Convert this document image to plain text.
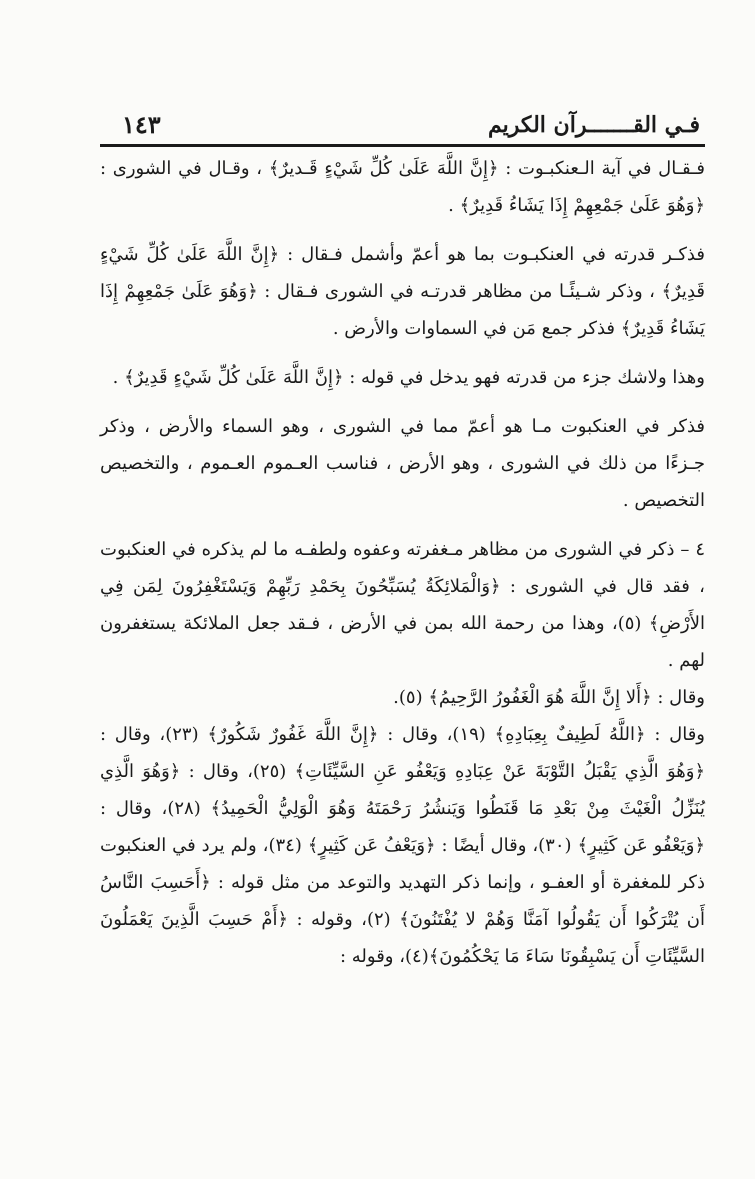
فـي القـــــــرآن الكريم
١٤٣

فـقـال في آية الـعنكبـوت : ﴿إِنَّ اللَّهَ عَلَىٰ كُلِّ شَيْءٍ قَـديرٌ﴾ ، وقـال في الشورى : ﴿وَهُوَ عَلَىٰ جَمْعِهِمْ إِذَا يَشَاءُ قَدِيرٌ﴾ .

فذكـر قدرته في العنكبـوت بما هو أعمّ وأشمل فـقال : ﴿إِنَّ اللَّهَ عَلَىٰ كُلِّ شَيْءٍ قَدِيرٌ﴾ ، وذكر شـيئًـا من مظاهر قدرتـه في الشورى فـقال : ﴿وَهُوَ عَلَىٰ جَمْعِهِمْ إِذَا يَشَاءُ قَدِيرٌ﴾ فذكر جمع مَن في السماوات والأرض .

وهذا ولاشك جزء من قدرته فهو يدخل في قوله : ﴿إِنَّ اللَّهَ عَلَىٰ كُلِّ شَيْءٍ قَدِيرٌ﴾ .

فذكر في العنكبوت مـا هو أعمّ مما في الشورى ، وهو السماء والأرض ، وذكر جـزءًا من ذلك في الشورى ، وهو الأرض ، فناسب العـموم العـموم ، والتخصيص التخصيص .

٤ – ذكر في الشورى من مظاهر مـغفرته وعفوه ولطفـه ما لم يذكره في العنكبوت ، فقد قال في الشورى : ﴿وَالْمَلائِكَةُ يُسَبِّحُونَ بِحَمْدِ رَبِّهِمْ وَيَسْتَغْفِرُونَ لِمَن فِي الأَرْضِ﴾ (٥)، وهذا من رحمة الله بمن في الأرض ، فـقد جعل الملائكة يستغفرون لهم .

وقال : ﴿أَلا إِنَّ اللَّهَ هُوَ الْغَفُورُ الرَّحِيمُ﴾ (٥).

وقال : ﴿اللَّهُ لَطِيفٌ بِعِبَادِهِ﴾ (١٩)، وقال : ﴿إِنَّ اللَّهَ غَفُورٌ شَكُورٌ﴾ (٢٣)، وقال : ﴿وَهُوَ الَّذِي يَقْبَلُ التَّوْبَةَ عَنْ عِبَادِهِ وَيَعْفُو عَنِ السَّيِّئَاتِ﴾ (٢٥)، وقال : ﴿وَهُوَ الَّذِي يُنَزِّلُ الْغَيْثَ مِنْ بَعْدِ مَا قَنَطُوا وَيَنشُرُ رَحْمَتَهُ وَهُوَ الْوَلِيُّ الْحَمِيدُ﴾ (٢٨)، وقال : ﴿وَيَعْفُو عَن كَثِيرٍ﴾ (٣٠)، وقال أيضًا : ﴿وَيَعْفُ عَن كَثِيرٍ﴾ (٣٤)، ولم يرد في العنكبوت ذكر للمغفرة أو العفـو ، وإنما ذكر التهديد والتوعد من مثل قوله : ﴿أَحَسِبَ النَّاسُ أَن يُتْرَكُوا أَن يَقُولُوا آمَنَّا وَهُمْ لا يُفْتَنُونَ﴾ (٢)، وقوله : ﴿أَمْ حَسِبَ الَّذِينَ يَعْمَلُونَ السَّيِّئَاتِ أَن يَسْبِقُونَا سَاءَ مَا يَحْكُمُونَ﴾(٤)، وقوله :
